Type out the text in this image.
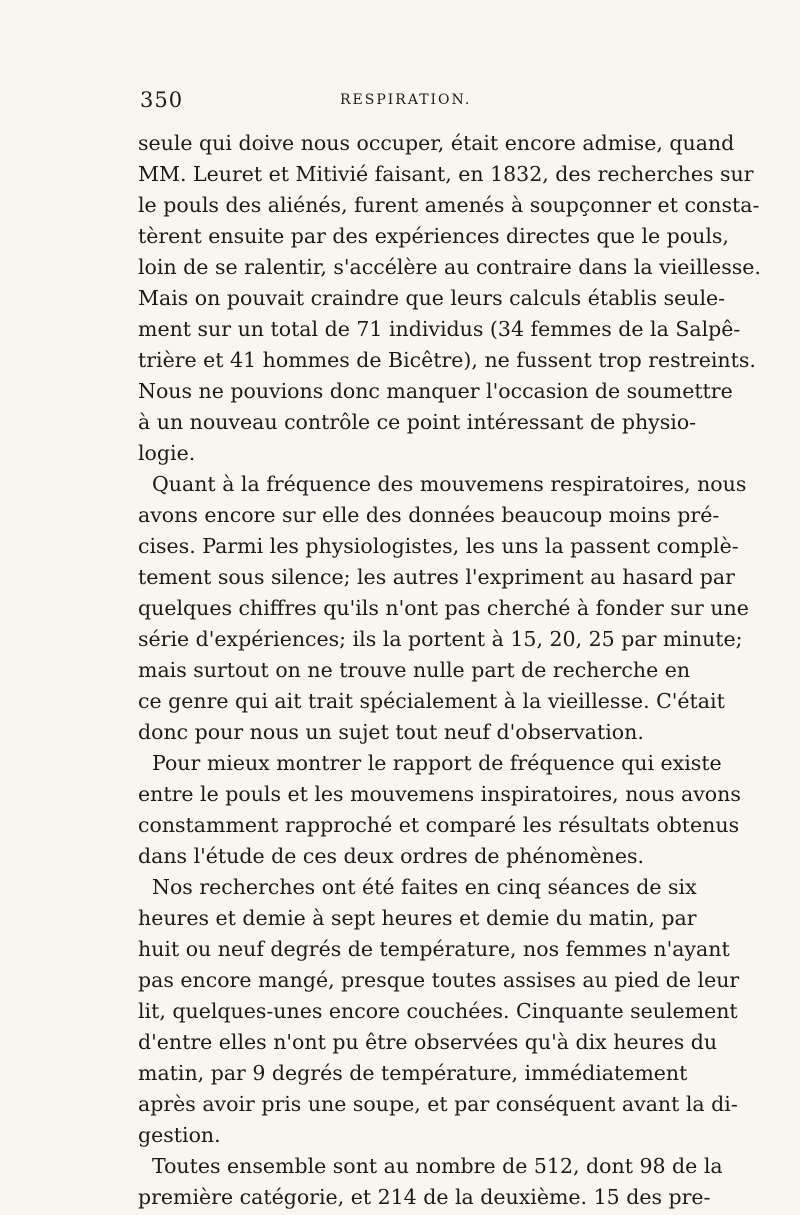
350	RESPIRATION.
seule qui doive nous occuper, était encore admise, quand
MM. Leuret et Mitivié faisant, en 1832, des recherches sur
le pouls des aliénés, furent amenés à soupçonner et consta-
tèrent ensuite par des expériences directes que le pouls,
loin de se ralentir, s'accélère au contraire dans la vieillesse.
Mais on pouvait craindre que leurs calculs établis seule-
ment sur un total de 71 individus (34 femmes de la Salpê-
trière et 41 hommes de Bicêtre), ne fussent trop restreints.
Nous ne pouvions donc manquer l'occasion de soumettre
à un nouveau contrôle ce point intéressant de physio-
logie.
Quant à la fréquence des mouvemens respiratoires, nous
avons encore sur elle des données beaucoup moins pré-
cises. Parmi les physiologistes, les uns la passent complè-
tement sous silence; les autres l'expriment au hasard par
quelques chiffres qu'ils n'ont pas cherché à fonder sur une
série d'expériences; ils la portent à 15, 20, 25 par minute;
mais surtout on ne trouve nulle part de recherche en
ce genre qui ait trait spécialement à la vieillesse. C'était
donc pour nous un sujet tout neuf d'observation.
Pour mieux montrer le rapport de fréquence qui existe
entre le pouls et les mouvemens inspiratoires, nous avons
constamment rapproché et comparé les résultats obtenus
dans l'étude de ces deux ordres de phénomènes.
Nos recherches ont été faites en cinq séances de six
heures et demie à sept heures et demie du matin, par
huit ou neuf degrés de température, nos femmes n'ayant
pas encore mangé, presque toutes assises au pied de leur
lit, quelques-unes encore couchées. Cinquante seulement
d'entre elles n'ont pu être observées qu'à dix heures du
matin, par 9 degrés de température, immédiatement
après avoir pris une soupe, et par conséquent avant la di-
gestion.
Toutes ensemble sont au nombre de 512, dont 98 de la
première catégorie, et 214 de la deuxième. 15 des pre-
